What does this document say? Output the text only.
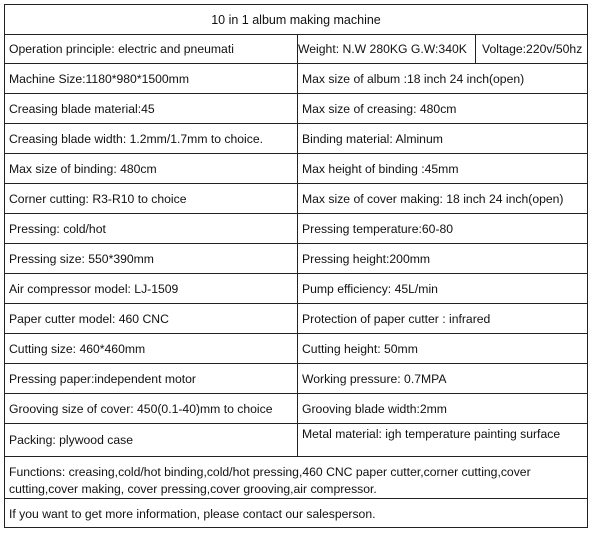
10 in 1 album making machine
Operation principle: electric and pneumati	Weight: N.W 280KG G.W:340K	Voltage:220v/50hz
Functions: creasing,cold/hot binding,cold/hot pressing,460 CNC paper cutter,corner cutting,cover cutting,cover making, cover pressing,cover grooving,air compressor.
If you want to get more information, please contact our salesperson.
Machine Size:1180*980*1500mm	Max size of album :18 inch 24 inch(open)
Creasing blade material:45	Max size of creasing: 480cm
Creasing blade width: 1.2mm/1.7mm to choice.	Binding material: Alminum
Max size of binding: 480cm	Max height of binding :45mm
Corner cutting: R3-R10 to choice	Max size of cover making: 18 inch 24 inch(open)
Pressing: cold/hot	Pressing temperature:60-80
Pressing size: 550*390mm	Pressing height:200mm
Air compressor model: LJ-1509	Pump efficiency: 45L/min
Paper cutter model: 460 CNC	Protection of paper cutter : infrared
Cutting size: 460*460mm	Cutting height: 50mm
Pressing paper:independent motor	Working pressure: 0.7MPA
Grooving size of cover: 450(0.1-40)mm to choice	Grooving blade width:2mm
Packing: plywood case	Metal material: igh temperature painting surface
